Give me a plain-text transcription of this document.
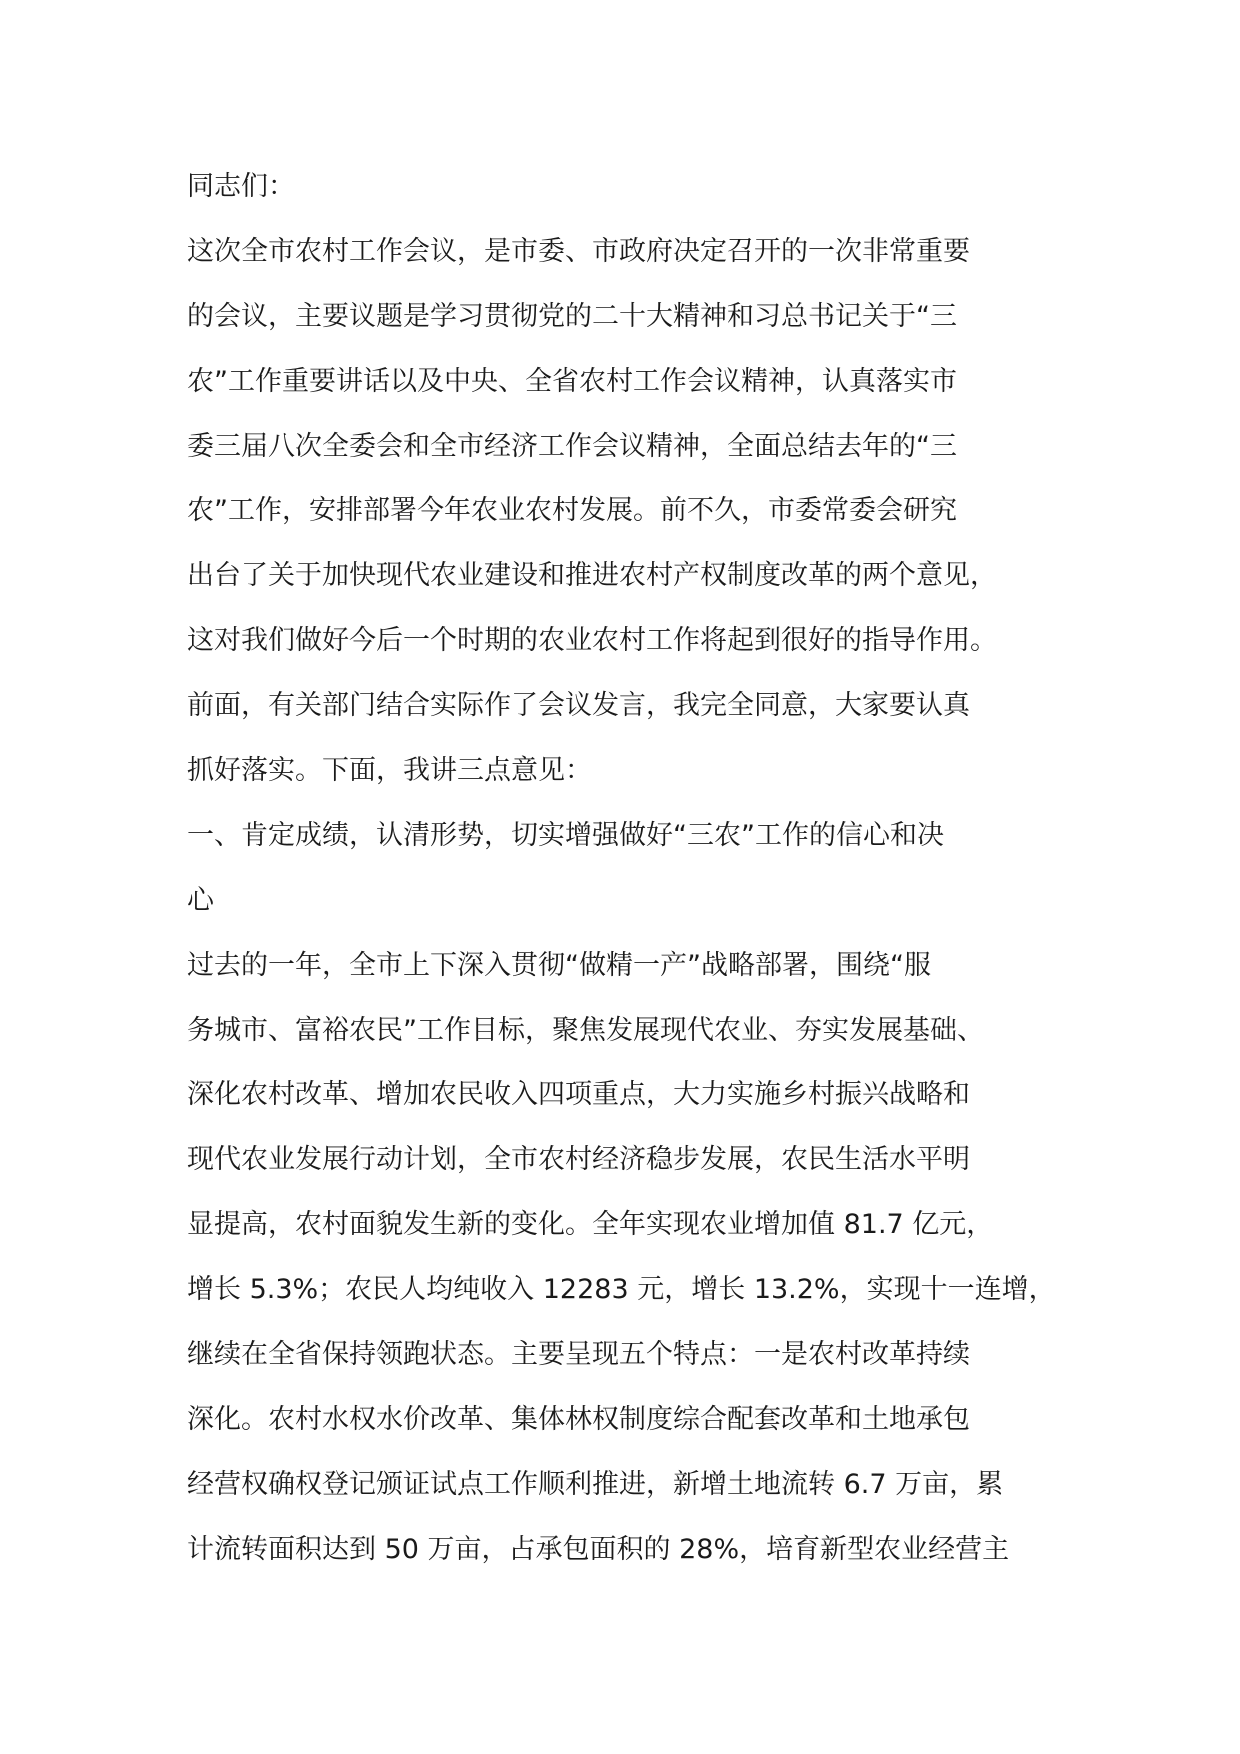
同志们：
这次全市农村工作会议，是市委、市政府决定召开的一次非常重要
的会议，主要议题是学习贯彻党的二十大精神和习总书记关于“三
农”工作重要讲话以及中央、全省农村工作会议精神，认真落实市
委三届八次全委会和全市经济工作会议精神，全面总结去年的“三
农”工作，安排部署今年农业农村发展。前不久，市委常委会研究
出台了关于加快现代农业建设和推进农村产权制度改革的两个意见，
这对我们做好今后一个时期的农业农村工作将起到很好的指导作用。
前面，有关部门结合实际作了会议发言，我完全同意，大家要认真
抓好落实。下面，我讲三点意见：
一、肯定成绩，认清形势，切实增强做好“三农”工作的信心和决
心
过去的一年，全市上下深入贯彻“做精一产”战略部署，围绕“服
务城市、富裕农民”工作目标，聚焦发展现代农业、夯实发展基础、
深化农村改革、增加农民收入四项重点，大力实施乡村振兴战略和
现代农业发展行动计划，全市农村经济稳步发展，农民生活水平明
显提高，农村面貌发生新的变化。全年实现农业增加值 81.7 亿元，
增长 5.3%；农民人均纯收入 12283 元，增长 13.2%，实现十一连增，
继续在全省保持领跑状态。主要呈现五个特点：一是农村改革持续
深化。农村水权水价改革、集体林权制度综合配套改革和土地承包
经营权确权登记颁证试点工作顺利推进，新增土地流转 6.7 万亩，累
计流转面积达到 50 万亩，占承包面积的 28%，培育新型农业经营主
